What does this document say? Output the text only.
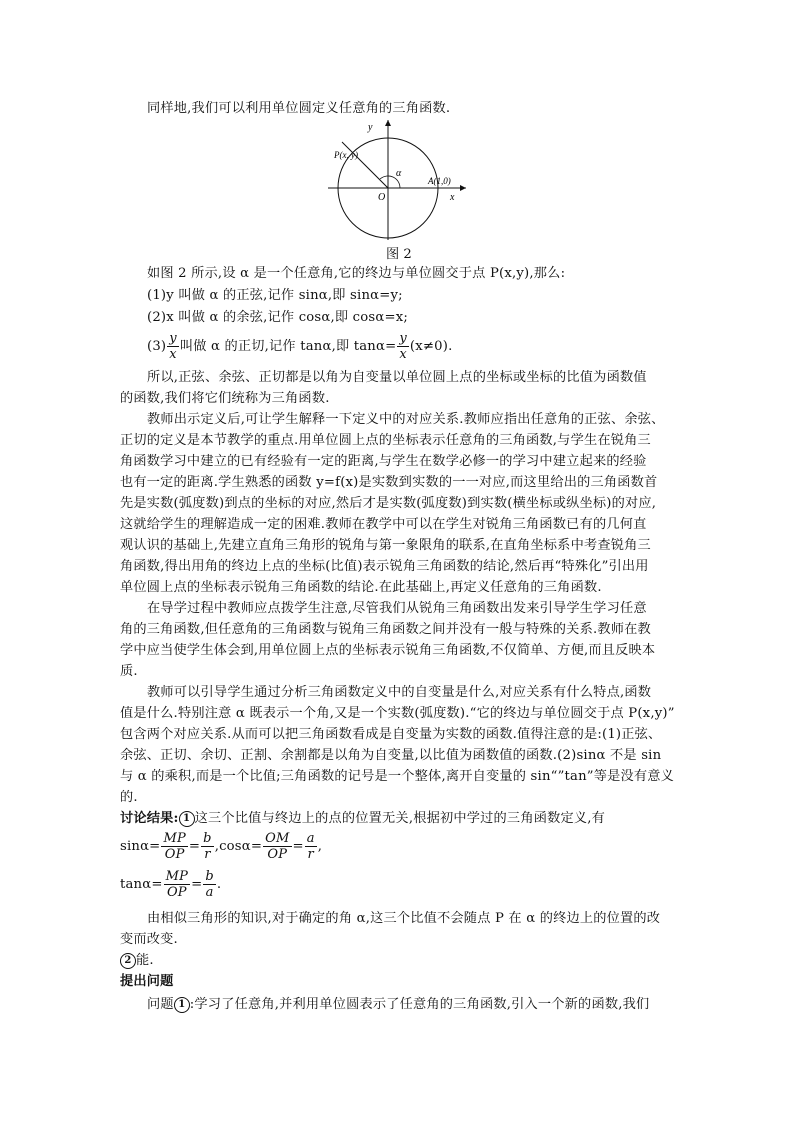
同样地,我们可以利用单位圆定义任意角的三角函数.
y
x
O
P(x, y)
A(1,0)
α
图 2
如图 2 所示,设 α 是一个任意角,它的终边与单位圆交于点 P(x,y),那么:
(1)y 叫做 α 的正弦,记作 sinα,即 sinα=y;
(2)x 叫做 α 的余弦,记作 cosα,即 cosα=x;
$(3) \frac{y}{x}$ 叫做 α 的正切,记作 tanα,即 $\tan\alpha= \frac{y}{x} (x\ne 0)$.
所以,正弦、余弦、正切都是以角为自变量以单位圆上点的坐标或坐标的比值为函数值
的函数,我们将它们统称为三角函数.
教师出示定义后,可让学生解释一下定义中的对应关系.教师应指出任意角的正弦、余弦、
正切的定义是本节教学的重点.用单位圆上点的坐标表示任意角的三角函数,与学生在锐角三
角函数学习中建立的已有经验有一定的距离,与学生在数学必修一的学习中建立起来的经验
也有一定的距离.学生熟悉的函数 y=f(x)是实数到实数的一一对应,而这里给出的三角函数首
先是实数(弧度数)到点的坐标的对应,然后才是实数(弧度数)到实数(横坐标或纵坐标)的对应,
这就给学生的理解造成一定的困难.教师在教学中可以在学生对锐角三角函数已有的几何直
观认识的基础上,先建立直角三角形的锐角与第一象限角的联系,在直角坐标系中考查锐角三
角函数,得出用角的终边上点的坐标(比值)表示锐角三角函数的结论,然后再“特殊化”引出用
单位圆上点的坐标表示锐角三角函数的结论.在此基础上,再定义任意角的三角函数.
在导学过程中教师应点拨学生注意,尽管我们从锐角三角函数出发来引导学生学习任意
角的三角函数,但任意角的三角函数与锐角三角函数之间并没有一般与特殊的关系.教师在教
学中应当使学生体会到,用单位圆上点的坐标表示锐角三角函数,不仅简单、方便,而且反映本
质.
教师可以引导学生通过分析三角函数定义中的自变量是什么,对应关系有什么特点,函数
值是什么.特别注意 α 既表示一个角,又是一个实数(弧度数).“它的终边与单位圆交于点 P(x,y)”
包含两个对应关系.从而可以把三角函数看成是自变量为实数的函数.值得注意的是:(1)正弦、
余弦、正切、余切、正割、余割都是以角为自变量,以比值为函数值的函数.(2)sinα 不是 sin
与 α 的乘积,而是一个比值;三角函数的记号是一个整体,离开自变量的 sin“”tan”等是没有意义
的.
讨论结果: 1 这三个比值与终边上的点的位置无关,根据初中学过的三角函数定义,有
$\sin\alpha= \frac{MP}{OP} = \frac{b}{r} ,\cos\alpha= \frac{OM}{OP} = \frac{a}{r}$ ,
$\tan\alpha= \frac{MP}{OP} = \frac{b}{a}$ .
由相似三角形的知识,对于确定的角 α,这三个比值不会随点 P 在 α 的终边上的位置的改
变而改变.
2 能.
提出问题
问题 1 :学习了任意角,并利用单位圆表示了任意角的三角函数,引入一个新的函数,我们
